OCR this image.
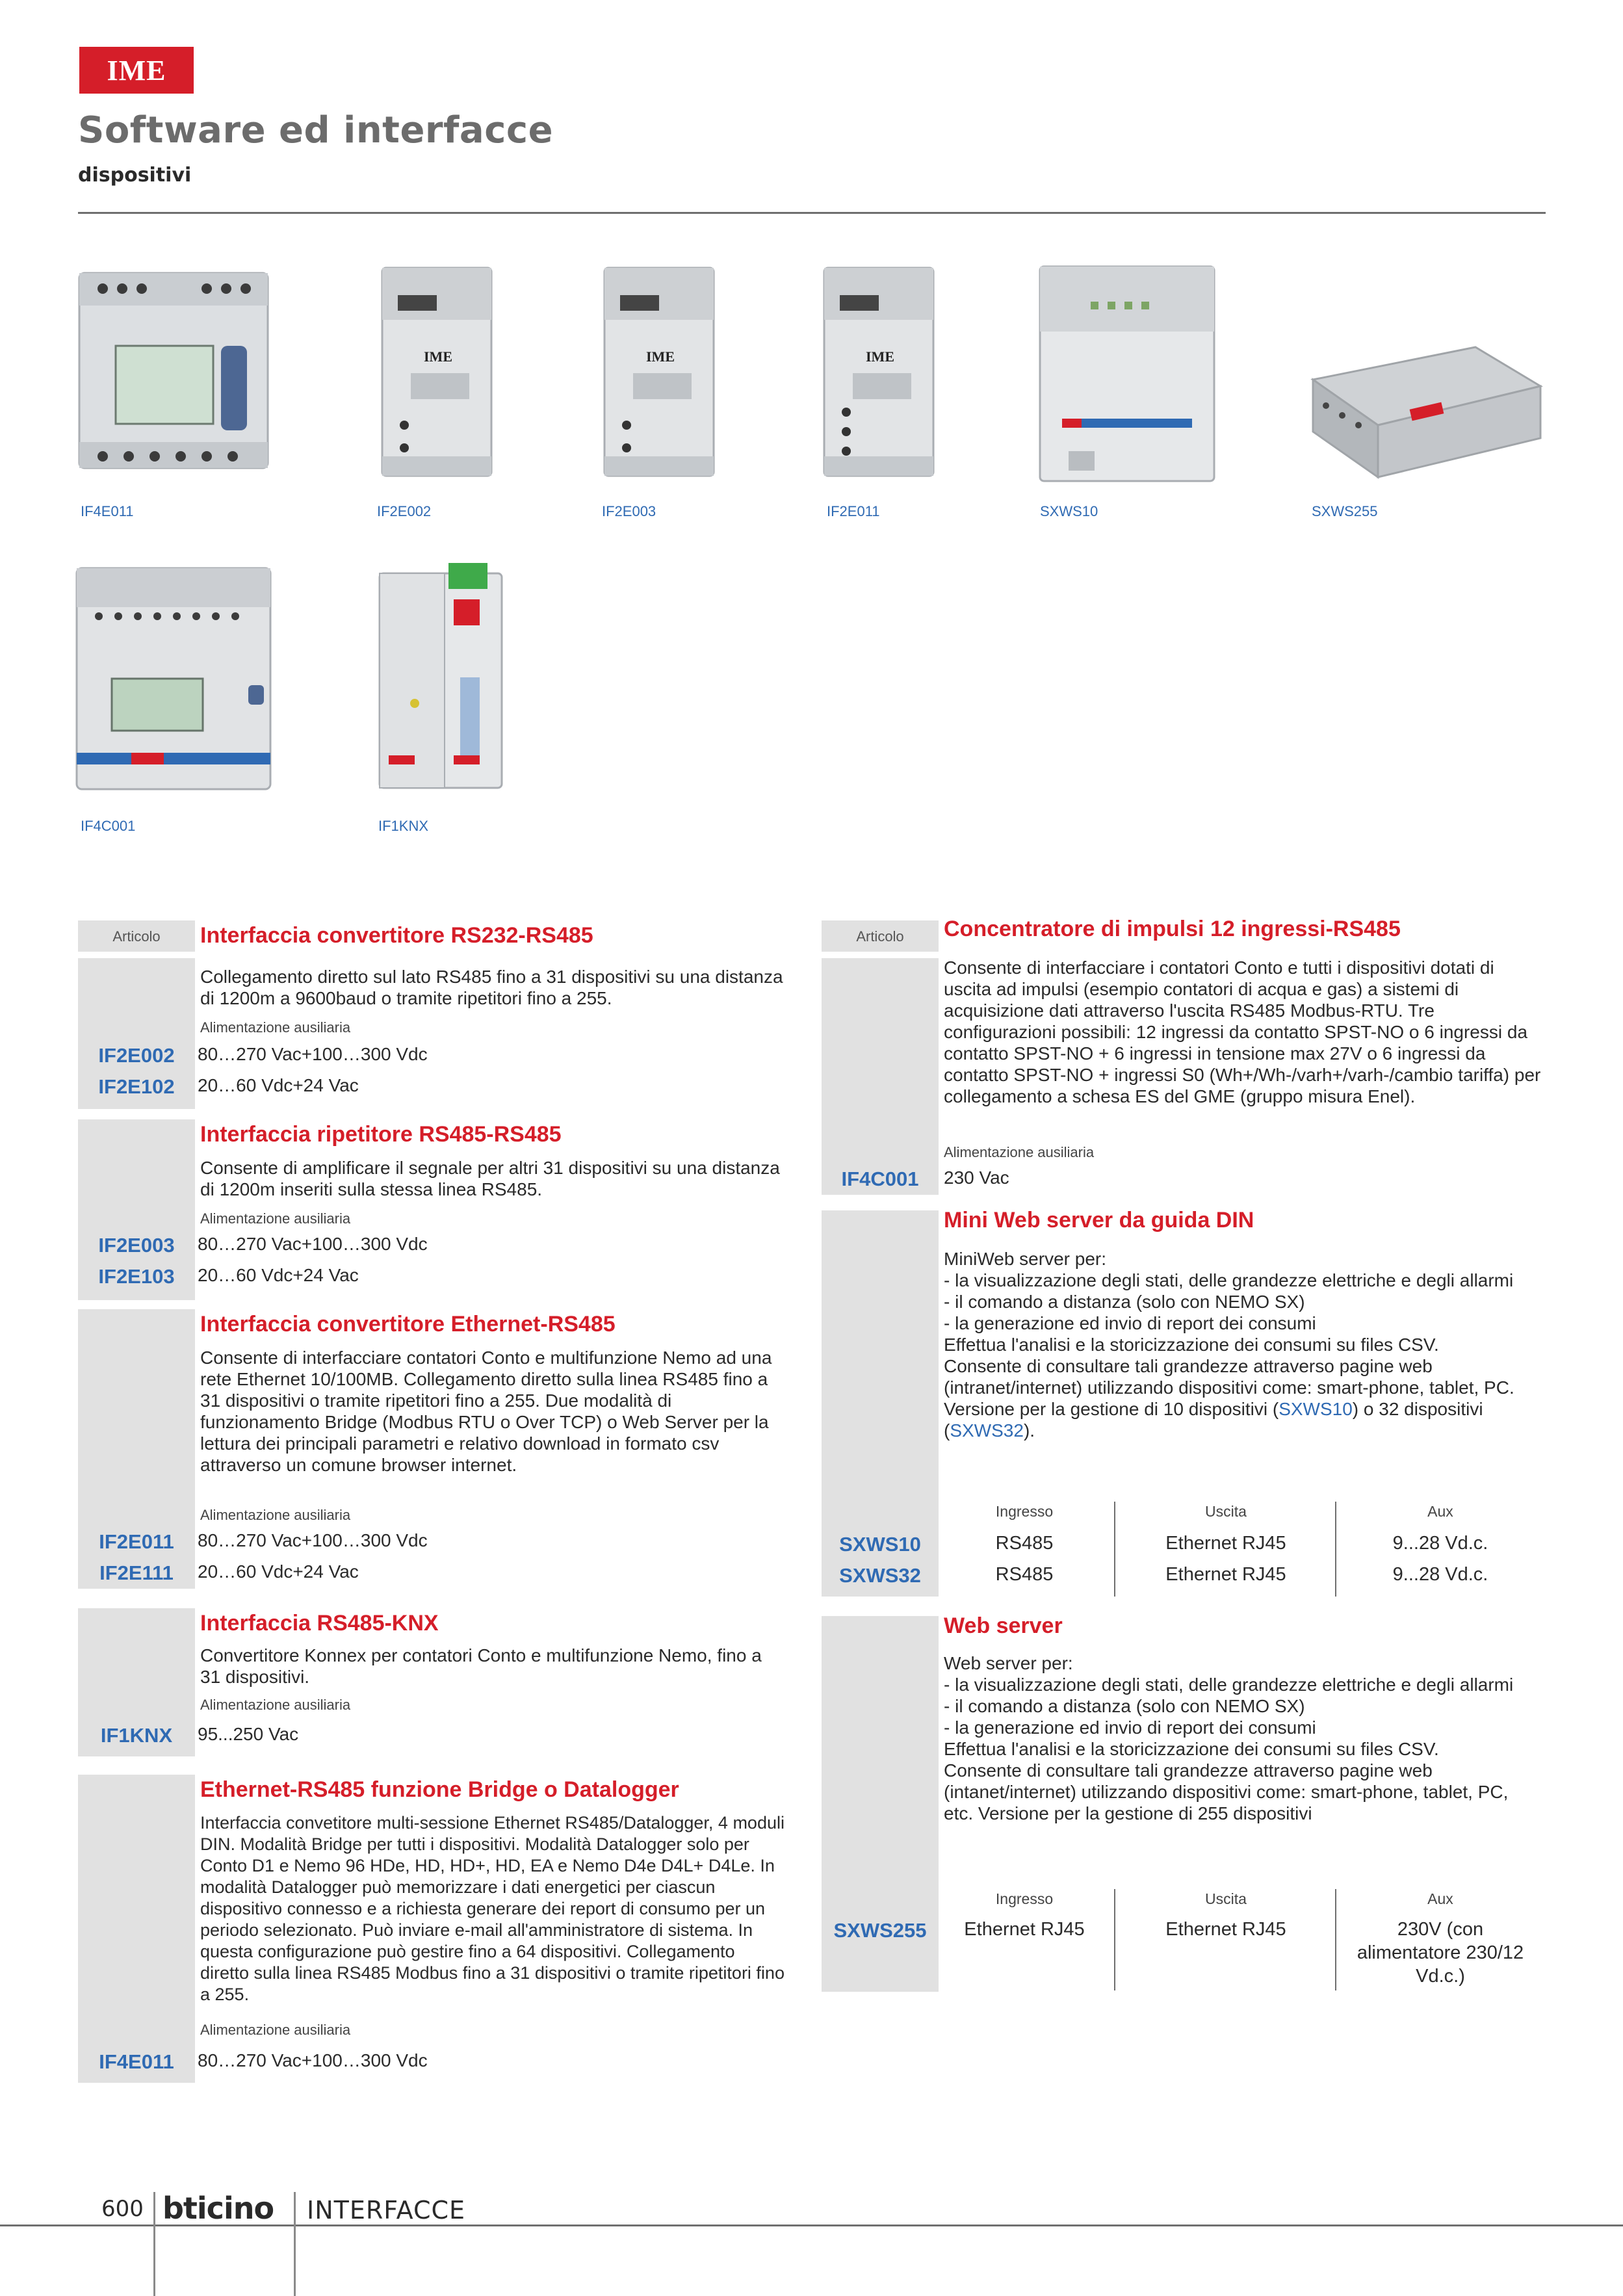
IME
Software ed interfacce
dispositivi
IF4E011
IME
IF2E002
IME
IF2E003
IME
IF2E011	SXWS10	SXWS255
IF4C001	IF1KNX
Articolo	Interfaccia convertitore RS232-RS485
Collegamento diretto sul lato RS485 fino a 31 dispositivi su una distanza di 1200m a 9600baud o tramite ripetitori fino a 255.
Alimentazione ausiliaria
IF2E002	80…270 Vac+100…300 Vdc
IF2E102	20…60 Vdc+24 Vac
Interfaccia ripetitore RS485-RS485
Consente di amplificare il segnale per altri 31 dispositivi su una distanza di 1200m inseriti sulla stessa linea RS485.
Alimentazione ausiliaria
IF2E003	80…270 Vac+100…300 Vdc
IF2E103	20…60 Vdc+24 Vac
Interfaccia convertitore Ethernet-RS485
Consente di interfacciare contatori Conto e multifunzione Nemo ad una rete Ethernet 10/100MB. Collegamento diretto sulla linea RS485 fino a 31 dispositivi o tramite ripetitori fino a 255. Due modalità di funzionamento Bridge (Modbus RTU o Over TCP) o Web Server per la lettura dei principali parametri e relativo download in formato csv attraverso un comune browser internet.
Alimentazione ausiliaria
IF2E011	80…270 Vac+100…300 Vdc
IF2E111	20…60 Vdc+24 Vac
Interfaccia RS485-KNX
Convertitore Konnex per contatori Conto e multifunzione Nemo, fino a 31 dispositivi.
Alimentazione ausiliaria
IF1KNX	95...250 Vac
Ethernet-RS485 funzione Bridge o Datalogger
Interfaccia convetitore multi-sessione Ethernet RS485/Datalogger, 4 moduli DIN. Modalità Bridge per tutti i dispositivi. Modalità Datalogger solo per Conto D1 e Nemo 96 HDe, HD, HD+, HD, EA e Nemo D4e D4L+ D4Le. In modalità Datalogger può memorizzare i dati energetici per ciascun dispositivo connesso e a richiesta generare dei report di consumo per un periodo selezionato. Può inviare e-mail all'amministratore di sistema. In questa configurazione può gestire fino a 64 dispositivi. Collegamento diretto sulla linea RS485 Modbus fino a 31 dispositivi o tramite ripetitori fino a 255.
Alimentazione ausiliaria
IF4E011	80…270 Vac+100…300 Vdc
Articolo	Concentratore di impulsi 12 ingressi-RS485
Consente di interfacciare i contatori Conto e tutti i dispositivi dotati di uscita ad impulsi (esempio contatori di acqua e gas) a sistemi di acquisizione dati attraverso l'uscita RS485 Modbus-RTU. Tre configurazioni possibili: 12 ingressi da contatto SPST-NO o 6 ingressi da contatto SPST-NO + 6 ingressi in tensione max 27V o 6 ingressi da contatto SPST-NO + ingressi S0 (Wh+/Wh-/varh+/varh-/cambio tariffa) per collegamento a schesa ES del GME (gruppo misura Enel).
Alimentazione ausiliaria
IF4C001	230 Vac
Mini Web server da guida DIN
MiniWeb server per:
- la visualizzazione degli stati, delle grandezze elettriche e degli allarmi
- il comando a distanza (solo con NEMO SX)
- la generazione ed invio di report dei consumi
Effettua l'analisi e la storicizzazione dei consumi su files CSV.
Consente di consultare tali grandezze attraverso pagine web (intranet/internet) utilizzando dispositivi come: smart-phone, tablet, PC. Versione per la gestione di 10 dispositivi (SXWS10) o 32 dispositivi (SXWS32).
Ingresso	Uscita	Aux
SXWS10	RS485	Ethernet RJ45	9...28 Vd.c.
SXWS32	RS485	Ethernet RJ45	9...28 Vd.c.
Web server
Web server per:
- la visualizzazione degli stati, delle grandezze elettriche e degli allarmi
- il comando a distanza (solo con NEMO SX)
- la generazione ed invio di report dei consumi
Effettua l'analisi e la storicizzazione dei consumi su files CSV.
Consente di consultare tali grandezze attraverso pagine web (intanet/internet) utilizzando dispositivi come: smart-phone, tablet, PC, etc. Versione per la gestione di 255 dispositivi
Ingresso	Uscita	Aux
SXWS255	Ethernet RJ45	Ethernet RJ45	230V (con alimentatore 230/12 Vd.c.)
600 bticino INTERFACCE
